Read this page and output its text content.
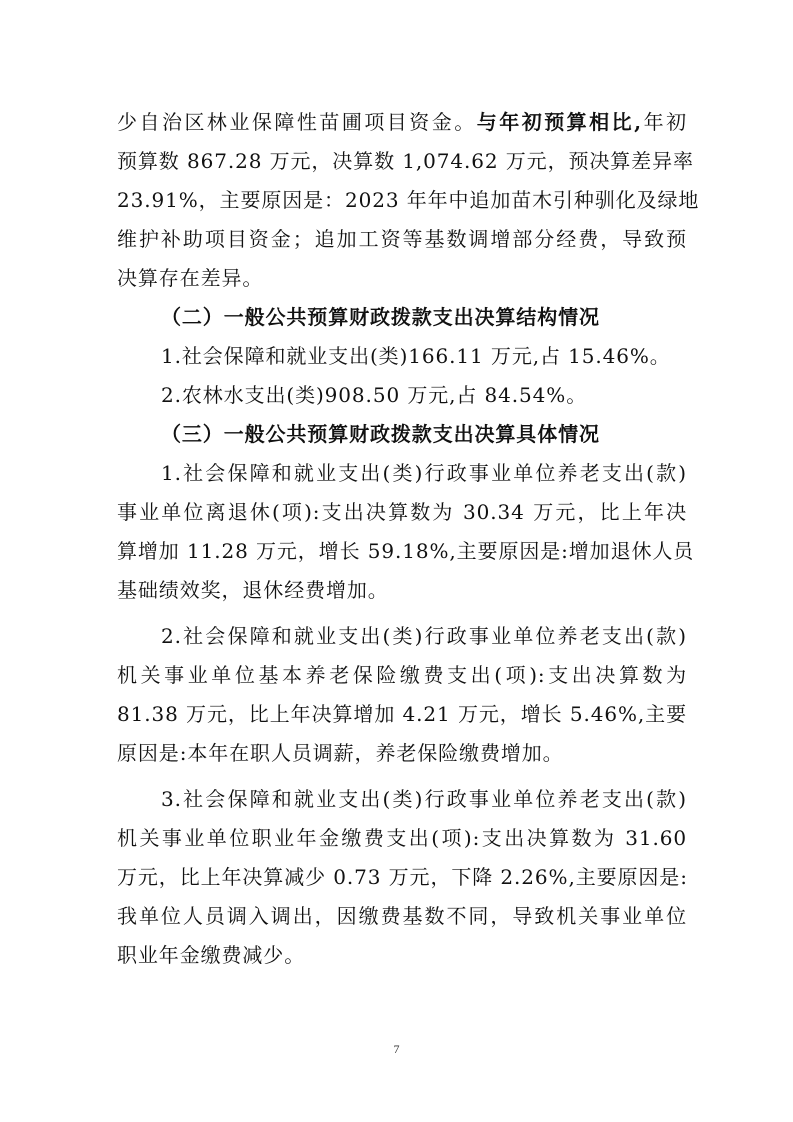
少自治区林业保障性苗圃项目资金。与年初预算相比,年初
预算数 867.28 万元，决算数 1,074.62 万元，预决算差异率
23.91%，主要原因是：2023 年年中追加苗木引种驯化及绿地
维护补助项目资金；追加工资等基数调增部分经费，导致预
决算存在差异。
（二）一般公共预算财政拨款支出决算结构情况
1.社会保障和就业支出(类)166.11 万元,占 15.46%。
2.农林水支出(类)908.50 万元,占 84.54%。
（三）一般公共预算财政拨款支出决算具体情况
1.社会保障和就业支出(类)行政事业单位养老支出(款)
事业单位离退休(项):支出决算数为 30.34 万元，比上年决
算增加 11.28 万元，增长 59.18%,主要原因是:增加退休人员
基础绩效奖，退休经费增加。
2.社会保障和就业支出(类)行政事业单位养老支出(款)
机关事业单位基本养老保险缴费支出(项):支出决算数为
81.38 万元，比上年决算增加 4.21 万元，增长 5.46%,主要
原因是:本年在职人员调薪，养老保险缴费增加。
3.社会保障和就业支出(类)行政事业单位养老支出(款)
机关事业单位职业年金缴费支出(项):支出决算数为 31.60
万元，比上年决算减少 0.73 万元，下降 2.26%,主要原因是:
我单位人员调入调出，因缴费基数不同，导致机关事业单位
职业年金缴费减少。
7
